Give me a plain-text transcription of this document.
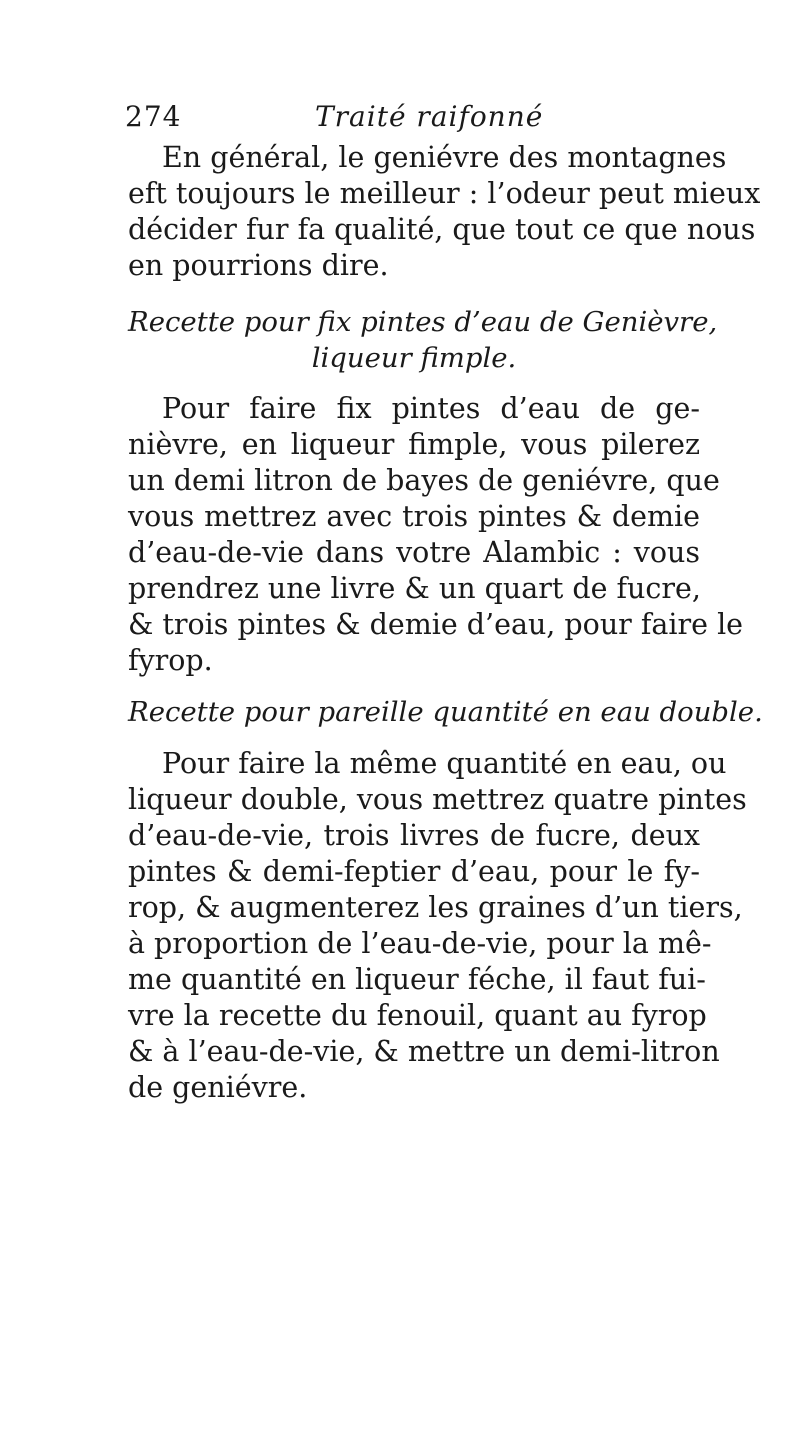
274	Traité raifonné
En général, le geniévre des montagnes
eft toujours le meilleur : l’odeur peut mieux
décider fur fa qualité, que tout ce que nous
en pourrions dire.
Recette pour fix pintes d’eau de Genièvre,
liqueur fimple.
Pour faire fix pintes d’eau de ge-
nièvre, en liqueur fimple, vous pilerez
un demi litron de bayes de geniévre, que
vous mettrez avec trois pintes & demie
d’eau-de-vie dans votre Alambic : vous
prendrez une livre & un quart de fucre,
& trois pintes & demie d’eau, pour faire le
fyrop.
Recette pour pareille quantité en eau double.
Pour faire la même quantité en eau, ou
liqueur double, vous mettrez quatre pintes
d’eau-de-vie, trois livres de fucre, deux
pintes & demi-feptier d’eau, pour le fy-
rop, & augmenterez les graines d’un tiers,
à proportion de l’eau-de-vie, pour la mê-
me quantité en liqueur féche, il faut fui-
vre la recette du fenouil, quant au fyrop
& à l’eau-de-vie, & mettre un demi-litron
de geniévre.
